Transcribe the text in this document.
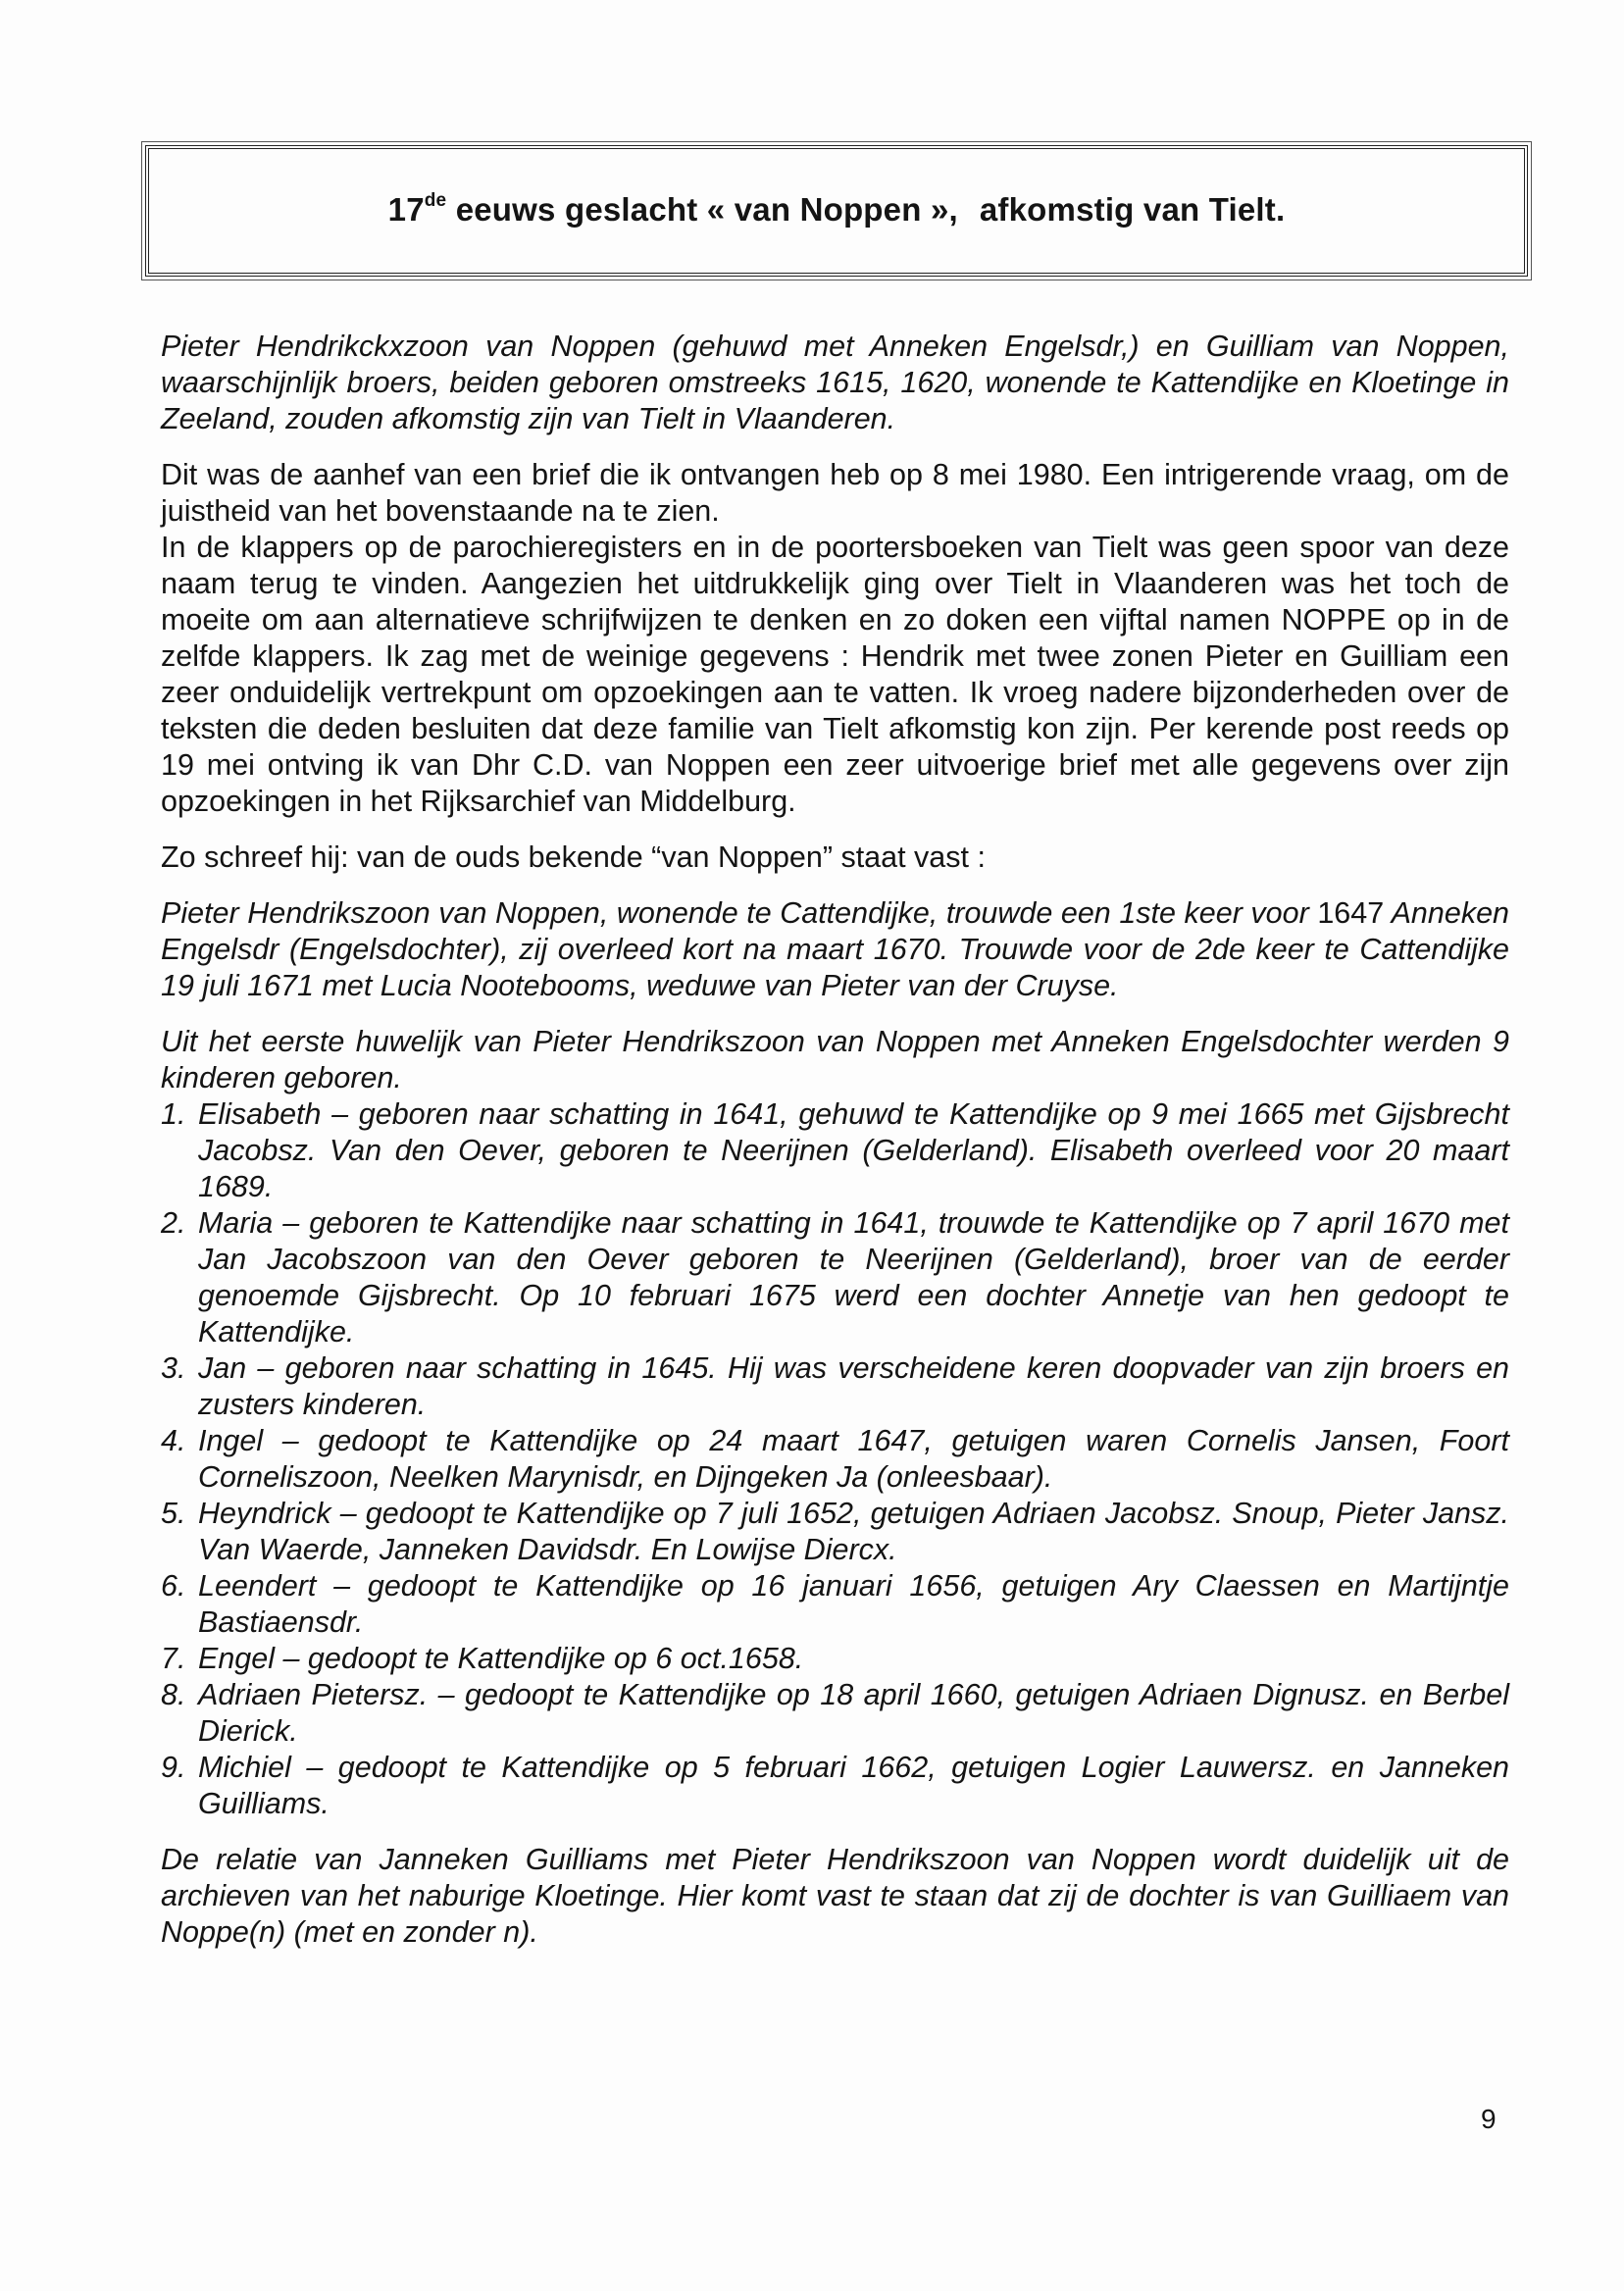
17de eeuws geslacht « van Noppen », afkomstig van Tielt.

Pieter Hendrikckxzoon van Noppen (gehuwd met Anneken Engelsdr,) en Guilliam van Noppen, waarschijnlijk broers, beiden geboren omstreeks 1615, 1620, wonende te Kattendijke en Kloetinge in Zeeland, zouden afkomstig zijn van Tielt in Vlaanderen.

Dit was de aanhef van een brief die ik ontvangen heb op 8 mei 1980. Een intrigerende vraag, om de juistheid van het bovenstaande na te zien.

In de klappers op de parochieregisters en in de poortersboeken van Tielt was geen spoor van deze naam terug te vinden. Aangezien het uitdrukkelijk ging over Tielt in Vlaanderen was het toch de moeite om aan alternatieve schrijfwijzen te denken en zo doken een vijftal namen NOPPE op in de zelfde klappers. Ik zag met de weinige gegevens : Hendrik met twee zonen Pieter en Guilliam een zeer onduidelijk vertrekpunt om opzoekingen aan te vatten. Ik vroeg nadere bijzonderheden over de teksten die deden besluiten dat deze familie van Tielt afkomstig kon zijn. Per kerende post reeds op 19 mei ontving ik van Dhr C.D. van Noppen een zeer uitvoerige brief met alle gegevens over zijn opzoekingen in het Rijksarchief van Middelburg.

Zo schreef hij: van de ouds bekende “van Noppen” staat vast :

Pieter Hendrikszoon van Noppen, wonende te Cattendijke, trouwde een 1ste keer voor 1647 Anneken Engelsdr (Engelsdochter), zij overleed kort na maart 1670. Trouwde voor de 2de keer te Cattendijke 19 juli 1671 met Lucia Nootebooms, weduwe van Pieter van der Cruyse.

Uit het eerste huwelijk van Pieter Hendrikszoon van Noppen met Anneken Engelsdochter werden 9 kinderen geboren.

1. Elisabeth – geboren naar schatting in 1641, gehuwd te Kattendijke op 9 mei 1665 met Gijsbrecht Jacobsz. Van den Oever, geboren te Neerijnen (Gelderland). Elisabeth overleed voor 20 maart 1689.
2. Maria – geboren te Kattendijke naar schatting in 1641, trouwde te Kattendijke op 7 april 1670 met Jan Jacobszoon van den Oever geboren te Neerijnen (Gelderland), broer van de eerder genoemde Gijsbrecht. Op 10 februari 1675 werd een dochter Annetje van hen gedoopt te Kattendijke.
3. Jan – geboren naar schatting in 1645. Hij was verscheidene keren doopvader van zijn broers en zusters kinderen.
4. Ingel – gedoopt te Kattendijke op 24 maart 1647, getuigen waren Cornelis Jansen, Foort Corneliszoon, Neelken Marynisdr, en Dijngeken Ja (onleesbaar).
5. Heyndrick – gedoopt te Kattendijke op 7 juli 1652, getuigen Adriaen Jacobsz. Snoup, Pieter Jansz. Van Waerde, Janneken Davidsdr. En Lowijse Diercx.
6. Leendert – gedoopt te Kattendijke op 16 januari 1656, getuigen Ary Claessen en Martijntje Bastiaensdr.
7. Engel – gedoopt te Kattendijke op 6 oct.1658.
8. Adriaen Pietersz. – gedoopt te Kattendijke op 18 april 1660, getuigen Adriaen Dignusz. en Berbel Dierick.
9. Michiel – gedoopt te Kattendijke op 5 februari 1662, getuigen Logier Lauwersz. en Janneken Guilliams.

De relatie van Janneken Guilliams met Pieter Hendrikszoon van Noppen wordt duidelijk uit de archieven van het naburige Kloetinge. Hier komt vast te staan dat zij de dochter is van Guilliaem van Noppe(n) (met en zonder n).

9
